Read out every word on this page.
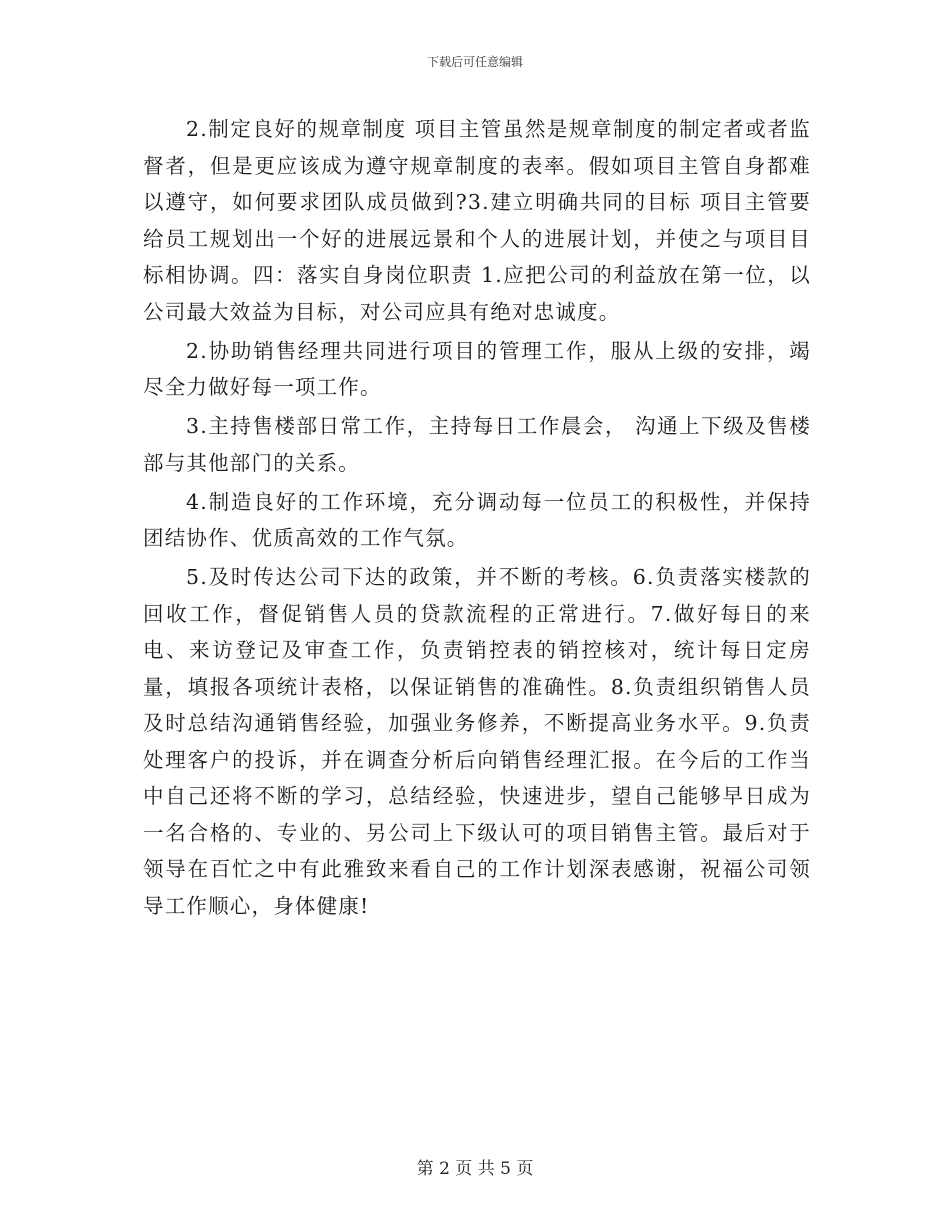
下载后可任意编辑

2.制定良好的规章制度 项目主管虽然是规章制度的制定者或者监督者，但是更应该成为遵守规章制度的表率。假如项目主管自身都难以遵守，如何要求团队成员做到?3.建立明确共同的目标 项目主管要给员工规划出一个好的进展远景和个人的进展计划，并使之与项目目标相协调。四：落实自身岗位职责 1.应把公司的利益放在第一位，以公司最大效益为目标，对公司应具有绝对忠诚度。

2.协助销售经理共同进行项目的管理工作，服从上级的安排，竭尽全力做好每一项工作。

3.主持售楼部日常工作，主持每日工作晨会， 沟通上下级及售楼部与其他部门的关系。

4.制造良好的工作环境，充分调动每一位员工的积极性，并保持团结协作、优质高效的工作气氛。

5.及时传达公司下达的政策，并不断的考核。6.负责落实楼款的回收工作，督促销售人员的贷款流程的正常进行。7.做好每日的来电、来访登记及审查工作，负责销控表的销控核对，统计每日定房量，填报各项统计表格，以保证销售的准确性。8.负责组织销售人员及时总结沟通销售经验，加强业务修养，不断提高业务水平。9.负责处理客户的投诉，并在调查分析后向销售经理汇报。在今后的工作当中自己还将不断的学习，总结经验，快速进步，望自己能够早日成为一名合格的、专业的、另公司上下级认可的项目销售主管。最后对于领导在百忙之中有此雅致来看自己的工作计划深表感谢，祝福公司领导工作顺心，身体健康!

第 2 页 共 5 页
